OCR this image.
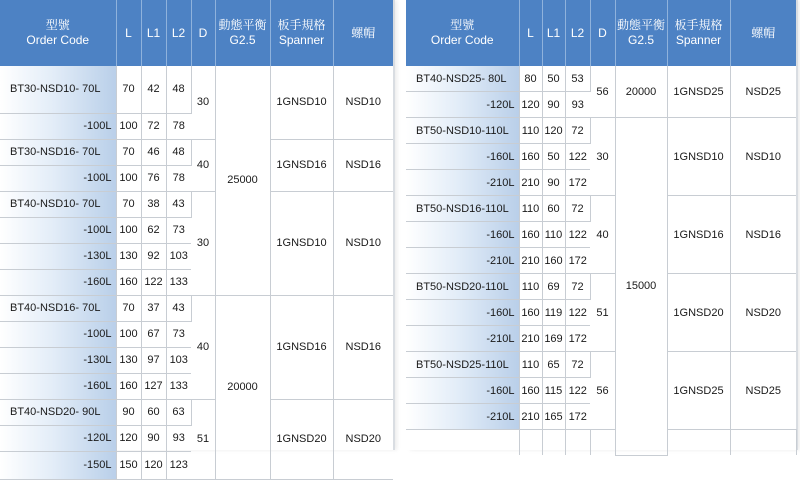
型號
Order Code	L	L1	L2	D	動態平衡
G2.5	板手規格
Spanner	螺帽
BT30-NSD10- 70L	70	42	48	30	25000	1GNSD10	NSD10
-100L	100	72	78				
BT30-NSD16- 70L	70	46	48	40		1GNSD16	NSD16
-100L	100	76	78				
BT40-NSD10- 70L	70	38	43	30		1GNSD10	NSD10
-100L	100	62	73				
-130L	130	92	103				
-160L	160	122	133				
BT40-NSD16- 70L	70	37	43	40	20000	1GNSD16	NSD16
-100L	100	67	73				
-130L	130	97	103				
-160L	160	127	133				
BT40-NSD20- 90L	90	60	63	51		1GNSD20	NSD20
-120L	120	90	93				
-150L	150	120	123				
型號
Order Code	L	L1	L2	D	動態平衡
G2.5	板手規格
Spanner	螺帽	
BT40-NSD25- 80L	80	50	53	56	20000	1GNSD25	NSD25	
-120L	120	90	93					
BT50-NSD10-110L	110	120	72	30	15000	1GNSD10	NSD10	
-160L	160	50	122					
-210L	210	90	172					
BT50-NSD16-110L	110	60	72	40		1GNSD16	NSD16	
-160L	160	110	122					
-210L	210	160	172					
BT50-NSD20-110L	110	69	72	51		1GNSD20	NSD20	
-160L	160	119	122					
-210L	210	169	172					
BT50-NSD25-110L	110	65	72	56		1GNSD25	NSD25	
-160L	160	115	122					
-210L	210	165	172					
